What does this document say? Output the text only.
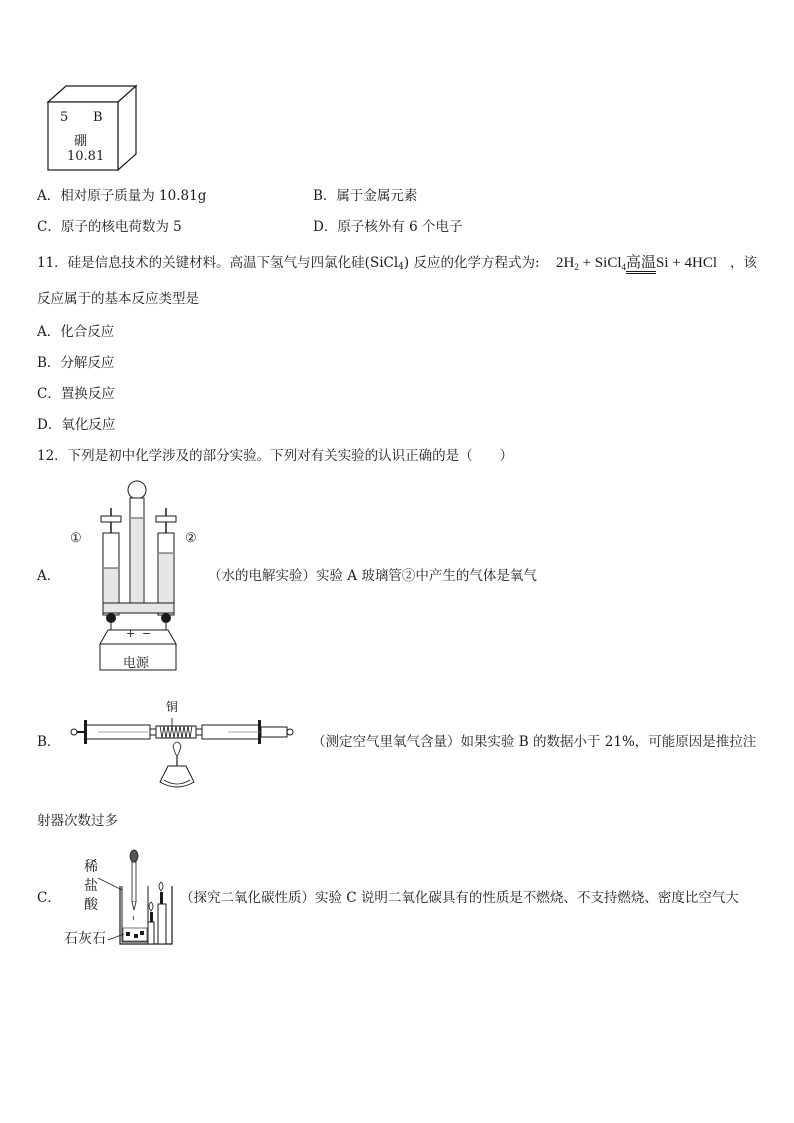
5 B
硼
10.81
A．相对原子质量为 10.81g	B．属于金属元素
C．原子的核电荷数为 5	D．原子核外有 6 个电子
11．硅是信息技术的关键材料。高温下氢气与四氯化硅(SiCl$_4$) 反应的化学方程式为: $2H_2$ + SiCl$_4$高温Si + 4HCl ，该
反应属于的基本反应类型是
A．化合反应
B．分解反应
C．置换反应
D．氧化反应
12．下列是初中化学涉及的部分实验。下列对有关实验的认识正确的是（　　）
A．
①	②
+ −
电源
（水的电解实验）实验 A 玻璃管②中产生的气体是氧气
B．
铜
（测定空气里氧气含量）如果实验 B 的数据小于 21%，可能原因是推拉注
射器次数过多
C．
稀
盐
酸
石灰石
（探究二氧化碳性质）实验 C 说明二氧化碳具有的性质是不燃烧、不支持燃烧、密度比空气大
